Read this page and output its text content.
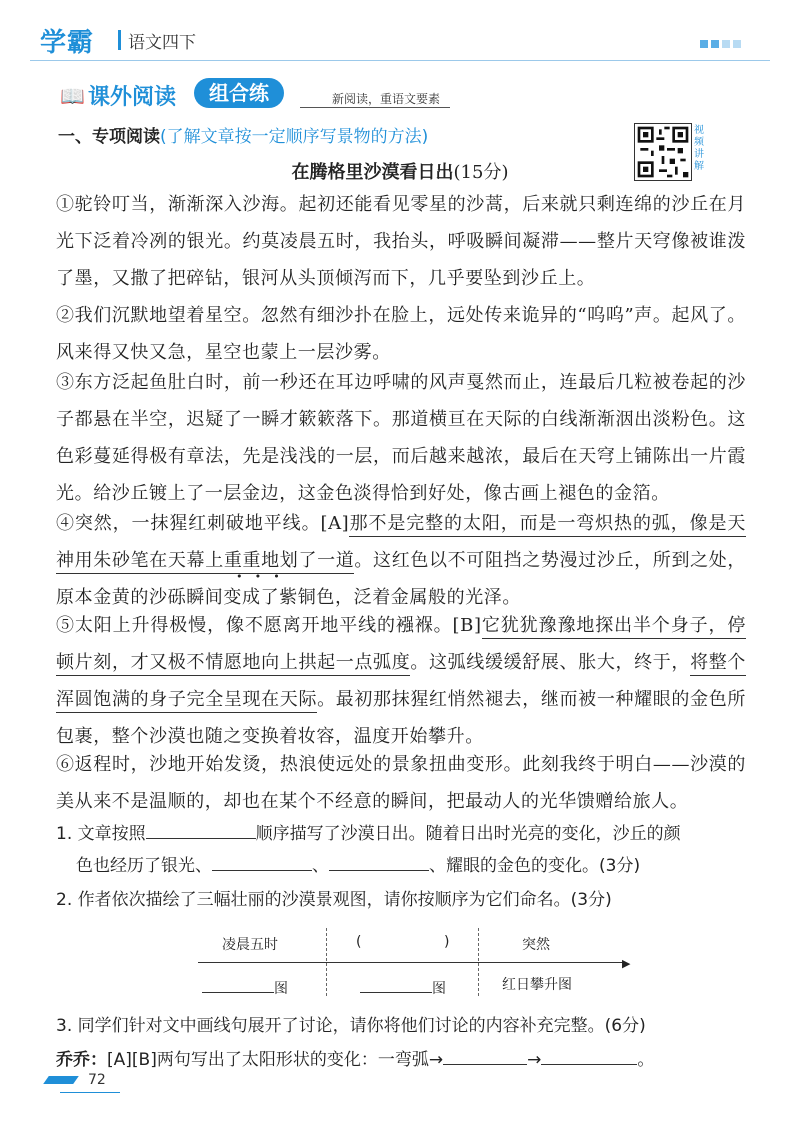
学霸 语文四下
📖 课外阅读	组合练	新阅读，重语文要素
一、专项阅读(了解文章按一定顺序写景物的方法)	视频讲解
在腾格里沙漠看日出(15分)
①驼铃叮当，渐渐深入沙海。起初还能看见零星的沙蒿，后来就只剩连绵的沙丘在月光下泛着冷冽的银光。约莫凌晨五时，我抬头，呼吸瞬间凝滞——整片天穹像被谁泼了墨，又撒了把碎钻，银河从头顶倾泻而下，几乎要坠到沙丘上。
②我们沉默地望着星空。忽然有细沙扑在脸上，远处传来诡异的“呜呜”声。起风了。风来得又快又急，星空也蒙上一层沙雾。
③东方泛起鱼肚白时，前一秒还在耳边呼啸的风声戛然而止，连最后几粒被卷起的沙子都悬在半空，迟疑了一瞬才簌簌落下。那道横亘在天际的白线渐渐洇出淡粉色。这色彩蔓延得极有章法，先是浅浅的一层，而后越来越浓，最后在天穹上铺陈出一片霞光。给沙丘镀上了一层金边，这金色淡得恰到好处，像古画上褪色的金箔。
④突然，一抹猩红刺破地平线。[A]那不是完整的太阳，而是一弯炽热的弧，像是天神用朱砂笔在天幕上重重地划了一道。这红色以不可阻挡之势漫过沙丘，所到之处，原本金黄的沙砾瞬间变成了紫铜色，泛着金属般的光泽。
⑤太阳上升得极慢，像不愿离开地平线的襁褓。[B]它犹犹豫豫地探出半个身子，停顿片刻，才又极不情愿地向上拱起一点弧度。这弧线缓缓舒展、胀大，终于，将整个浑圆饱满的身子完全呈现在天际。最初那抹猩红悄然褪去，继而被一种耀眼的金色所包裹，整个沙漠也随之变换着妆容，温度开始攀升。
⑥返程时，沙地开始发烫，热浪使远处的景象扭曲变形。此刻我终于明白——沙漠的美从来不是温顺的，却也在某个不经意的瞬间，把最动人的光华馈赠给旅人。
1. 文章按照	顺序描写了沙漠日出。随着日出时光亮的变化，沙丘的颜
色也经历了银光、	、	、耀眼的金色的变化。(3分)
2. 作者依次描绘了三幅壮丽的沙漠景观图，请你按顺序为它们命名。(3分)
▶
凌晨五时	(	)	突然
图	图	红日攀升图
3. 同学们针对文中画线句展开了讨论，请你将他们讨论的内容补充完整。(6分)
乔乔：[A][B]两句写出了太阳形状的变化：一弯弧→	→	。
72
